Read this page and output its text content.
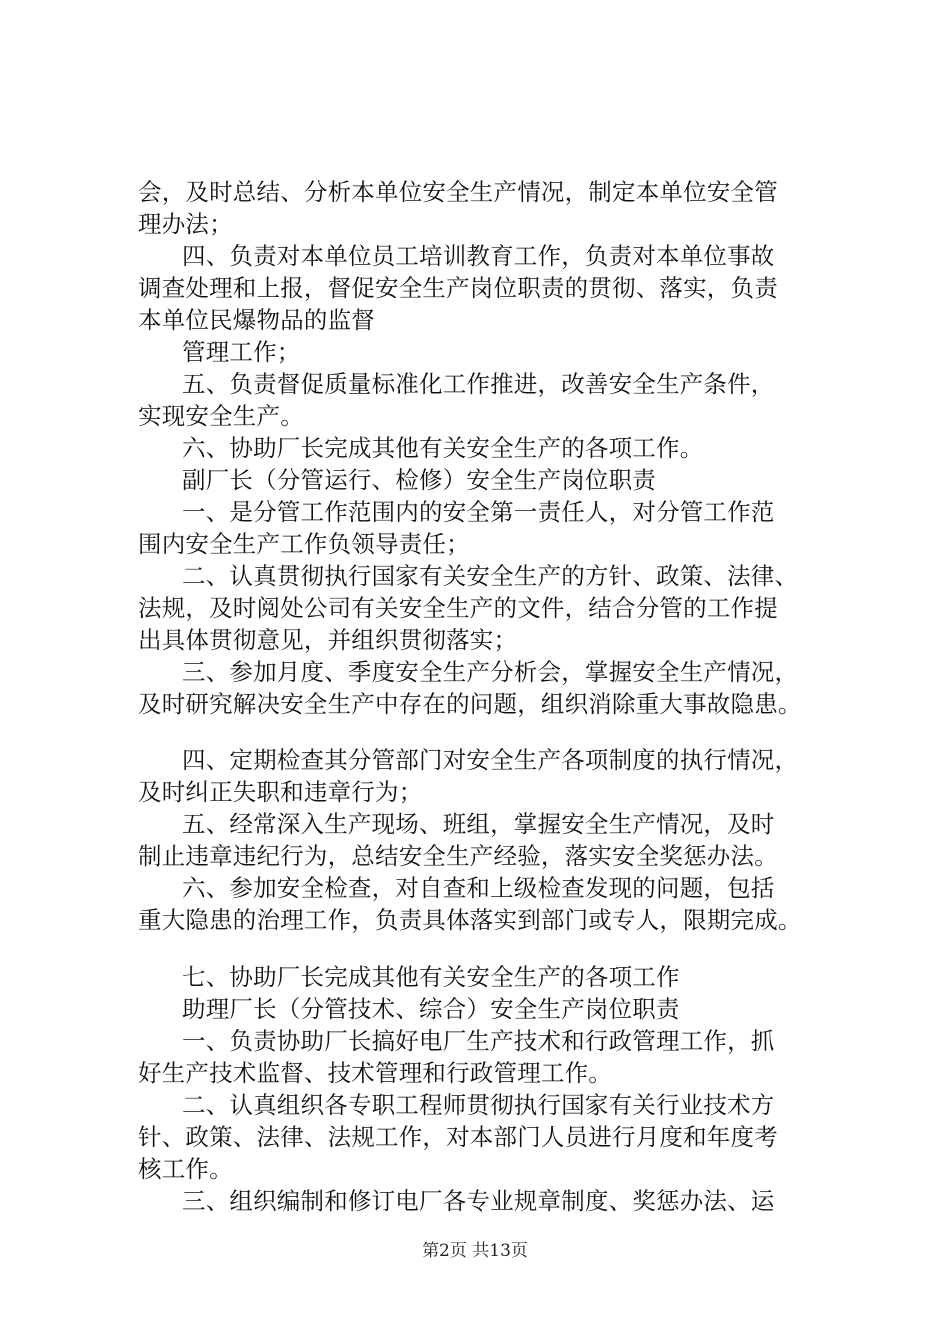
会，及时总结、分析本单位安全生产情况，制定本单位安全管
理办法；
四、负责对本单位员工培训教育工作，负责对本单位事故
调查处理和上报，督促安全生产岗位职责的贯彻、落实，负责
本单位民爆物品的监督
管理工作；
五、负责督促质量标准化工作推进，改善安全生产条件，
实现安全生产。
六、协助厂长完成其他有关安全生产的各项工作。
副厂长（分管运行、检修）安全生产岗位职责
一、是分管工作范围内的安全第一责任人，对分管工作范
围内安全生产工作负领导责任；
二、认真贯彻执行国家有关安全生产的方针、政策、法律、
法规，及时阅处公司有关安全生产的文件，结合分管的工作提
出具体贯彻意见，并组织贯彻落实；
三、参加月度、季度安全生产分析会，掌握安全生产情况，
及时研究解决安全生产中存在的问题，组织消除重大事故隐患。
四、定期检查其分管部门对安全生产各项制度的执行情况，
及时纠正失职和违章行为；
五、经常深入生产现场、班组，掌握安全生产情况，及时
制止违章违纪行为，总结安全生产经验，落实安全奖惩办法。
六、参加安全检查，对自查和上级检查发现的问题，包括
重大隐患的治理工作，负责具体落实到部门或专人，限期完成。
七、协助厂长完成其他有关安全生产的各项工作
助理厂长（分管技术、综合）安全生产岗位职责
一、负责协助厂长搞好电厂生产技术和行政管理工作，抓
好生产技术监督、技术管理和行政管理工作。
二、认真组织各专职工程师贯彻执行国家有关行业技术方
针、政策、法律、法规工作，对本部门人员进行月度和年度考
核工作。
三、组织编制和修订电厂各专业规章制度、奖惩办法、运
第2页 共13页
